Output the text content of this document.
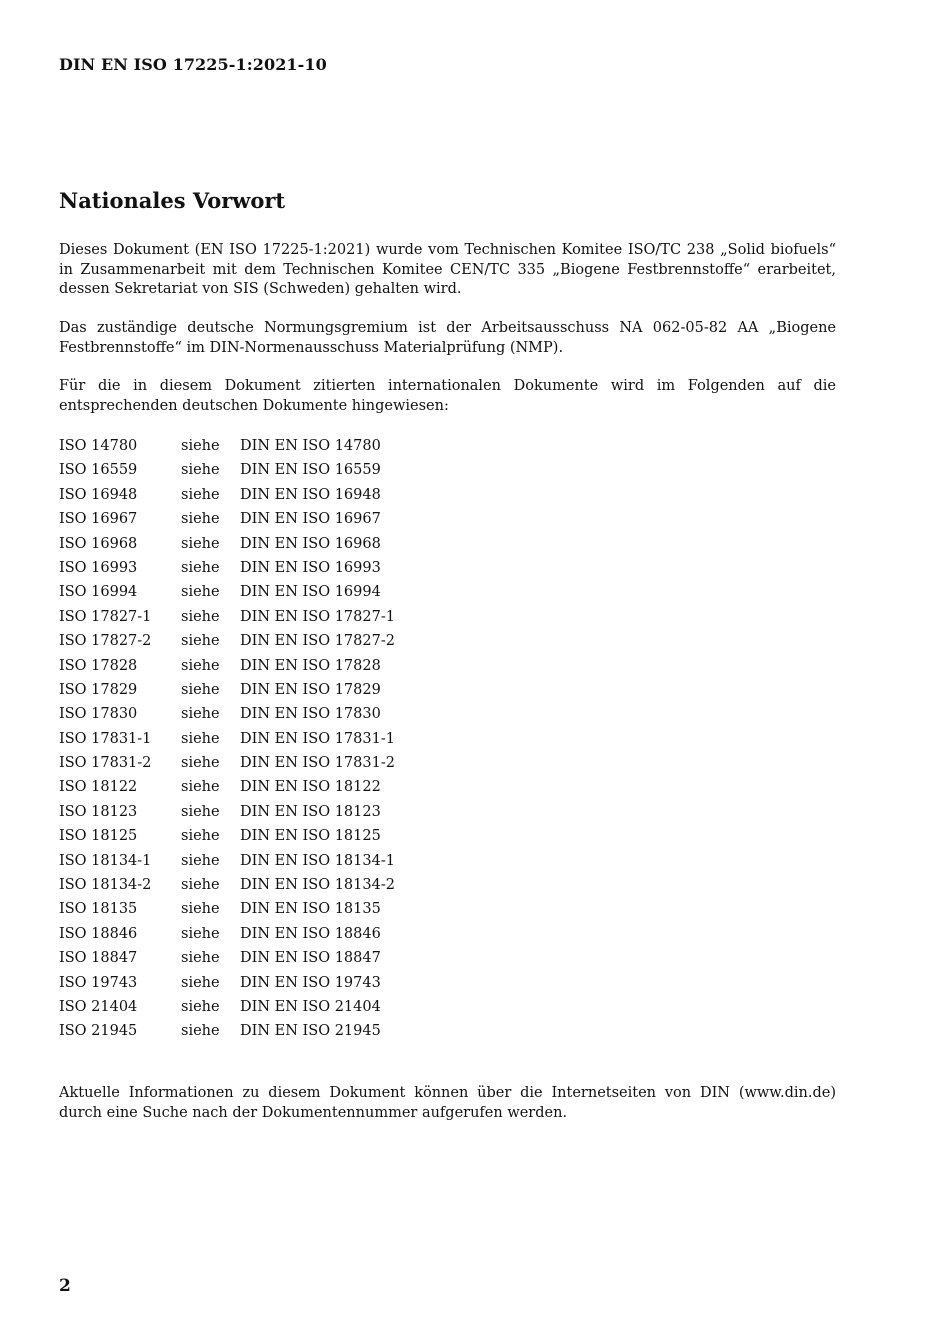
DIN EN ISO 17225-1:2021-10
Nationales Vorwort

Dieses Dokument (EN ISO 17225-1:2021) wurde vom Technischen Komitee ISO/TC 238 „Solid biofuels“ in Zusammenarbeit mit dem Technischen Komitee CEN/TC 335 „Biogene Festbrennstoffe“ erarbeitet, dessen Sekretariat von SIS (Schweden) gehalten wird.

Das zuständige deutsche Normungsgremium ist der Arbeitsausschuss NA 062-05-82 AA „Biogene Festbrennstoffe“ im DIN-Normenausschuss Materialprüfung (NMP).

Für die in diesem Dokument zitierten internationalen Dokumente wird im Folgenden auf die entsprechenden deutschen Dokumente hingewiesen:

ISO 14780	siehe	DIN EN ISO 14780
ISO 16559	siehe	DIN EN ISO 16559
ISO 16948	siehe	DIN EN ISO 16948
ISO 16967	siehe	DIN EN ISO 16967
ISO 16968	siehe	DIN EN ISO 16968
ISO 16993	siehe	DIN EN ISO 16993
ISO 16994	siehe	DIN EN ISO 16994
ISO 17827-1	siehe	DIN EN ISO 17827-1
ISO 17827-2	siehe	DIN EN ISO 17827-2
ISO 17828	siehe	DIN EN ISO 17828
ISO 17829	siehe	DIN EN ISO 17829
ISO 17830	siehe	DIN EN ISO 17830
ISO 17831-1	siehe	DIN EN ISO 17831-1
ISO 17831-2	siehe	DIN EN ISO 17831-2
ISO 18122	siehe	DIN EN ISO 18122
ISO 18123	siehe	DIN EN ISO 18123
ISO 18125	siehe	DIN EN ISO 18125
ISO 18134-1	siehe	DIN EN ISO 18134-1
ISO 18134-2	siehe	DIN EN ISO 18134-2
ISO 18135	siehe	DIN EN ISO 18135
ISO 18846	siehe	DIN EN ISO 18846
ISO 18847	siehe	DIN EN ISO 18847
ISO 19743	siehe	DIN EN ISO 19743
ISO 21404	siehe	DIN EN ISO 21404
ISO 21945	siehe	DIN EN ISO 21945

Aktuelle Informationen zu diesem Dokument können über die Internetseiten von DIN (www.din.de) durch eine Suche nach der Dokumentennummer aufgerufen werden.

2
